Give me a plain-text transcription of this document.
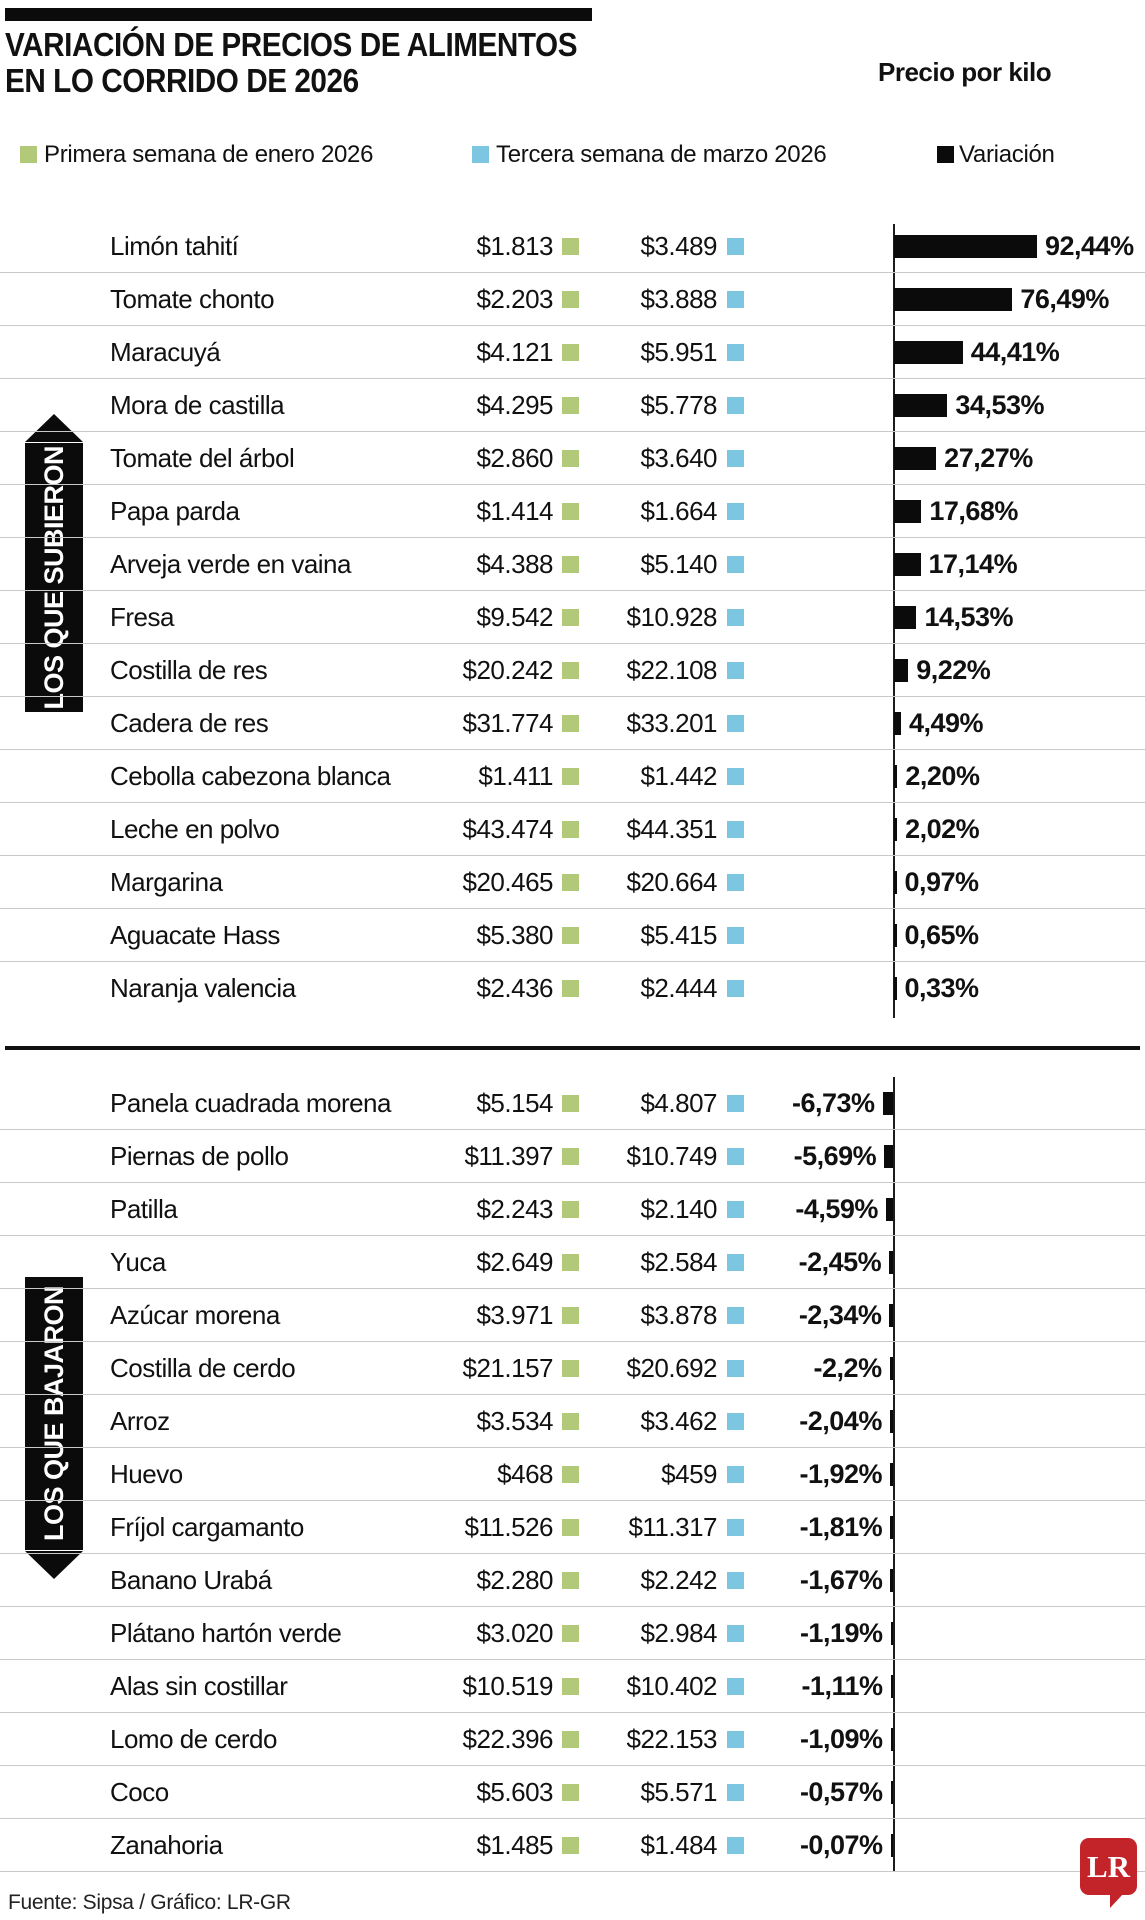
VARIACIÓN DE PRECIOS DE ALIMENTOS
EN LO CORRIDO DE 2026	Precio por kilo
Primera semana de enero 2026	Tercera semana de marzo 2026	Variación
LOS QUE SUBIERON
LOS QUE BAJARON
Limón tahití	$1.813	$3.489	92,44%
Tomate chonto	$2.203	$3.888	76,49%
Maracuyá	$4.121	$5.951	44,41%
Mora de castilla	$4.295	$5.778	34,53%
Tomate del árbol	$2.860	$3.640	27,27%
Papa parda	$1.414	$1.664	17,68%
Arveja verde en vaina	$4.388	$5.140	17,14%
Fresa	$9.542	$10.928	14,53%
Costilla de res	$20.242	$22.108	9,22%
Cadera de res	$31.774	$33.201	4,49%
Cebolla cabezona blanca	$1.411	$1.442	2,20%
Leche en polvo	$43.474	$44.351	2,02%
Margarina	$20.465	$20.664	0,97%
Aguacate Hass	$5.380	$5.415	0,65%
Naranja valencia	$2.436	$2.444	0,33%
Panela cuadrada morena	$5.154	$4.807	-6,73%
Piernas de pollo	$11.397	$10.749	-5,69%
Patilla	$2.243	$2.140	-4,59%
Yuca	$2.649	$2.584	-2,45%
Azúcar morena	$3.971	$3.878	-2,34%
Costilla de cerdo	$21.157	$20.692	-2,2%
Arroz	$3.534	$3.462	-2,04%
Huevo	$468	$459	-1,92%
Fríjol cargamanto	$11.526	$11.317	-1,81%
Banano Urabá	$2.280	$2.242	-1,67%
Plátano hartón verde	$3.020	$2.984	-1,19%
Alas sin costillar	$10.519	$10.402	-1,11%
Lomo de cerdo	$22.396	$22.153	-1,09%
Coco	$5.603	$5.571	-0,57%
Zanahoria	$1.485	$1.484	-0,07%
Fuente: Sipsa / Gráfico: LR-GR
LR
